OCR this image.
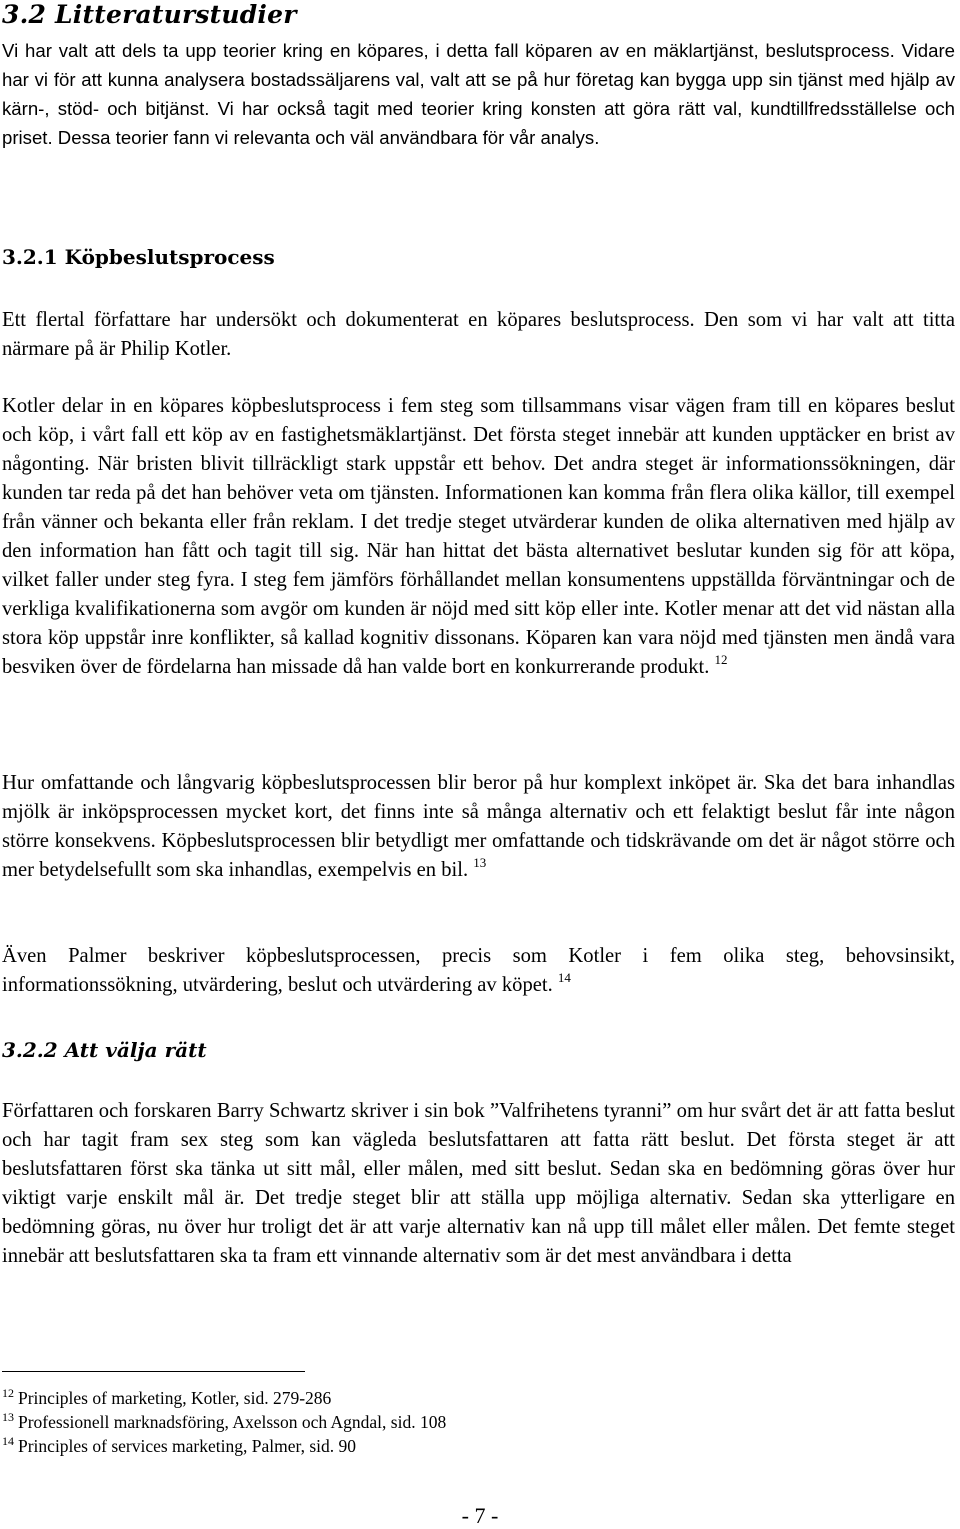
3.2 Litteraturstudier

Vi har valt att dels ta upp teorier kring en köpares, i detta fall köparen av en mäklartjänst, beslutsprocess. Vidare har vi för att kunna analysera bostadssäljarens val, valt att se på hur företag kan bygga upp sin tjänst med hjälp av kärn-, stöd- och bitjänst. Vi har också tagit med teorier kring konsten att göra rätt val, kundtillfredsställelse och priset. Dessa teorier fann vi relevanta och väl användbara för vår analys.

3.2.1 Köpbeslutsprocess

Ett flertal författare har undersökt och dokumenterat en köpares beslutsprocess. Den som vi har valt att titta närmare på är Philip Kotler.

Kotler delar in en köpares köpbeslutsprocess i fem steg som tillsammans visar vägen fram till en köpares beslut och köp, i vårt fall ett köp av en fastighetsmäklartjänst. Det första steget innebär att kunden upptäcker en brist av någonting. När bristen blivit tillräckligt stark uppstår ett behov. Det andra steget är informationssökningen, där kunden tar reda på det han behöver veta om tjänsten. Informationen kan komma från flera olika källor, till exempel från vänner och bekanta eller från reklam. I det tredje steget utvärderar kunden de olika alternativen med hjälp av den information han fått och tagit till sig. När han hittat det bästa alternativet beslutar kunden sig för att köpa, vilket faller under steg fyra. I steg fem jämförs förhållandet mellan konsumentens uppställda förväntningar och de verkliga kvalifikationerna som avgör om kunden är nöjd med sitt köp eller inte. Kotler menar att det vid nästan alla stora köp uppstår inre konflikter, så kallad kognitiv dissonans. Köparen kan vara nöjd med tjänsten men ändå vara besviken över de fördelarna han missade då han valde bort en konkurrerande produkt. $^{12}$

Hur omfattande och långvarig köpbeslutsprocessen blir beror på hur komplext inköpet är. Ska det bara inhandlas mjölk är inköpsprocessen mycket kort, det finns inte så många alternativ och ett felaktigt beslut får inte någon större konsekvens. Köpbeslutsprocessen blir betydligt mer omfattande och tidskrävande om det är något större och mer betydelsefullt som ska inhandlas, exempelvis en bil. $^{13}$

Även Palmer beskriver köpbeslutsprocessen, precis som Kotler i fem olika steg, behovsinsikt, informationssökning, utvärdering, beslut och utvärdering av köpet. $^{14}$

3.2.2 Att välja rätt

Författaren och forskaren Barry Schwartz skriver i sin bok ”Valfrihetens tyranni” om hur svårt det är att fatta beslut och har tagit fram sex steg som kan vägleda beslutsfattaren att fatta rätt beslut. Det första steget är att beslutsfattaren först ska tänka ut sitt mål, eller målen, med sitt beslut. Sedan ska en bedömning göras över hur viktigt varje enskilt mål är. Det tredje steget blir att ställa upp möjliga alternativ. Sedan ska ytterligare en bedömning göras, nu över hur troligt det är att varje alternativ kan nå upp till målet eller målen. Det femte steget innebär att beslutsfattaren ska ta fram ett vinnande alternativ som är det mest användbara i detta

$^{12}$ Principles of marketing, Kotler, sid. 279-286

$^{13}$ Professionell marknadsföring, Axelsson och Agndal, sid. 108

$^{14}$ Principles of services marketing, Palmer, sid. 90

- 7 -
